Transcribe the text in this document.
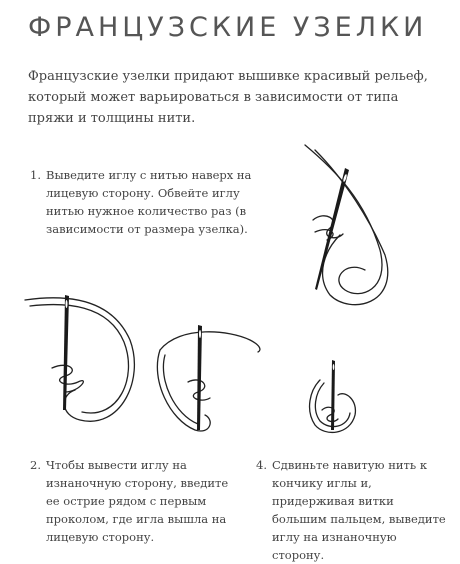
ФРАНЦУЗСКИЕ УЗЕЛКИ
Французские узелки придают вышивке красивый рельеф, который может варьироваться в зависимости от типа пряжи и толщины нити.
1. Выведите иглу с нитью наверх на лицевую сторону. Обвейте иглу нитью нужное количество раз (в зависимости от размера узелка).
2. Чтобы вывести иглу на изнаночную сторону, введите ее острие рядом с первым проколом, где игла вышла на лицевую сторону.
4. Сдвиньте навитую нить к кончику иглы и, придерживая витки большим пальцем, выведите иглу на изнаночную сторону.
